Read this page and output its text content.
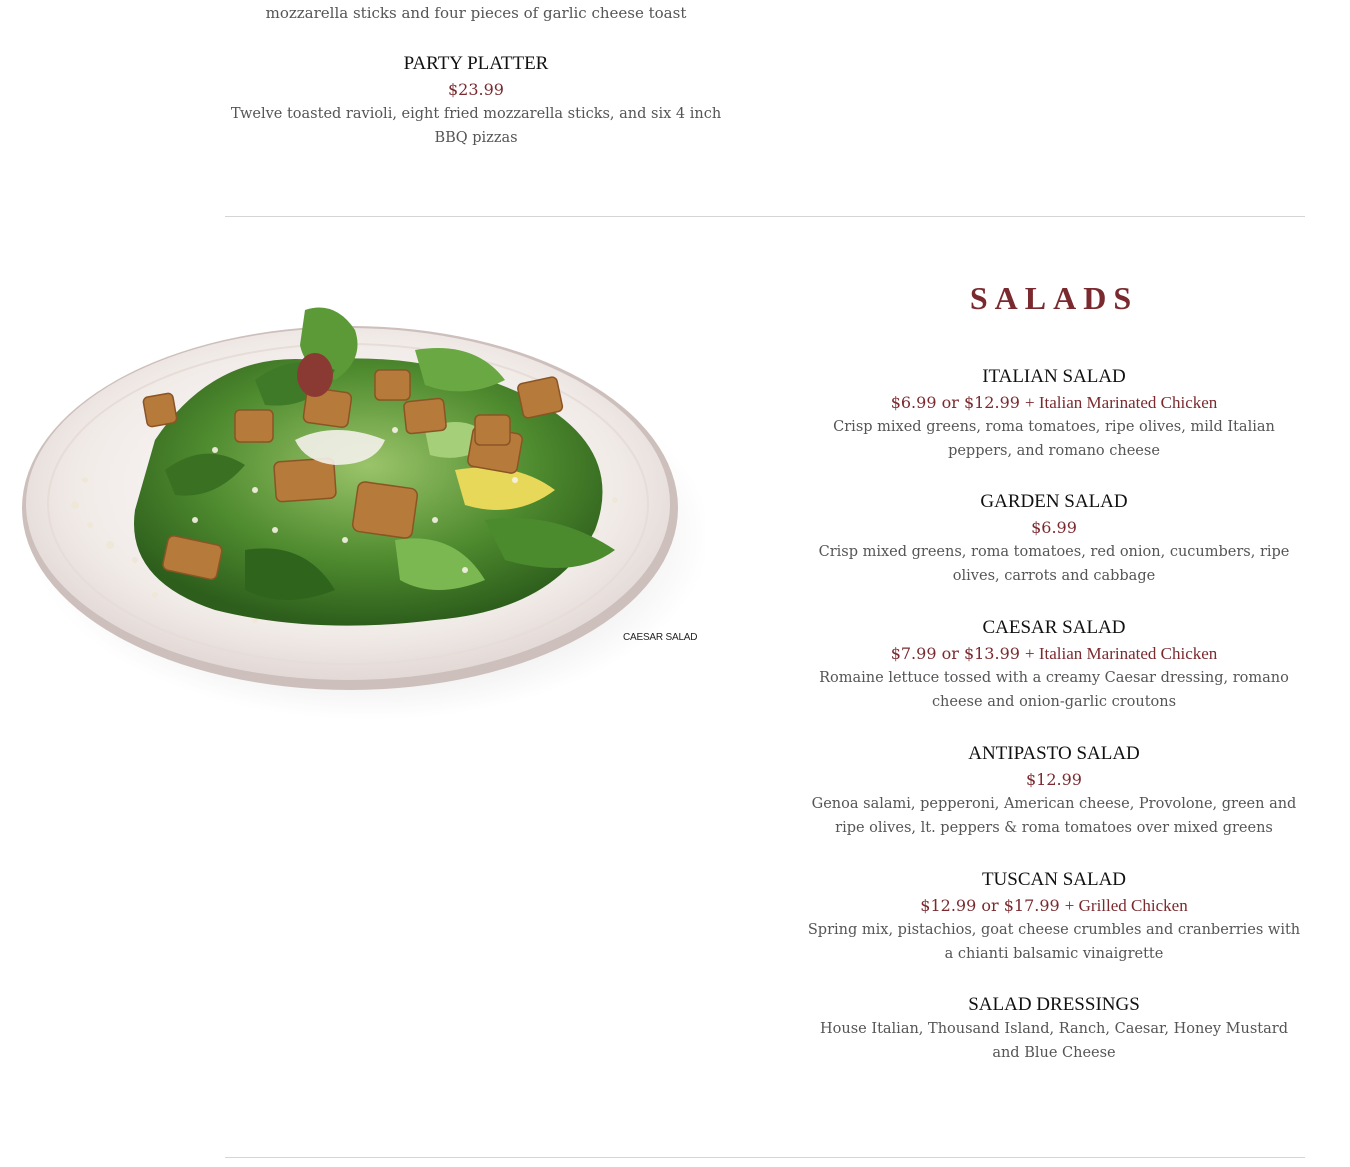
mozzarella sticks and four pieces of garlic cheese toast
PARTY PLATTER
$23.99
Twelve toasted ravioli, eight fried mozzarella sticks, and six 4 inch BBQ pizzas
CAESAR SALAD
SALADS
ITALIAN SALAD
$6.99 or $12.99 + Italian Marinated Chicken
Crisp mixed greens, roma tomatoes, ripe olives, mild Italian peppers, and romano cheese
GARDEN SALAD
$6.99
Crisp mixed greens, roma tomatoes, red onion, cucumbers, ripe olives, carrots and cabbage
CAESAR SALAD
$7.99 or $13.99 + Italian Marinated Chicken
Romaine lettuce tossed with a creamy Caesar dressing, romano cheese and onion-garlic croutons
ANTIPASTO SALAD
$12.99
Genoa salami, pepperoni, American cheese, Provolone, green and ripe olives, lt. peppers & roma tomatoes over mixed greens
TUSCAN SALAD
$12.99 or $17.99 + Grilled Chicken
Spring mix, pistachios, goat cheese crumbles and cranberries with a chianti balsamic vinaigrette
SALAD DRESSINGS
House Italian, Thousand Island, Ranch, Caesar, Honey Mustard and Blue Cheese
